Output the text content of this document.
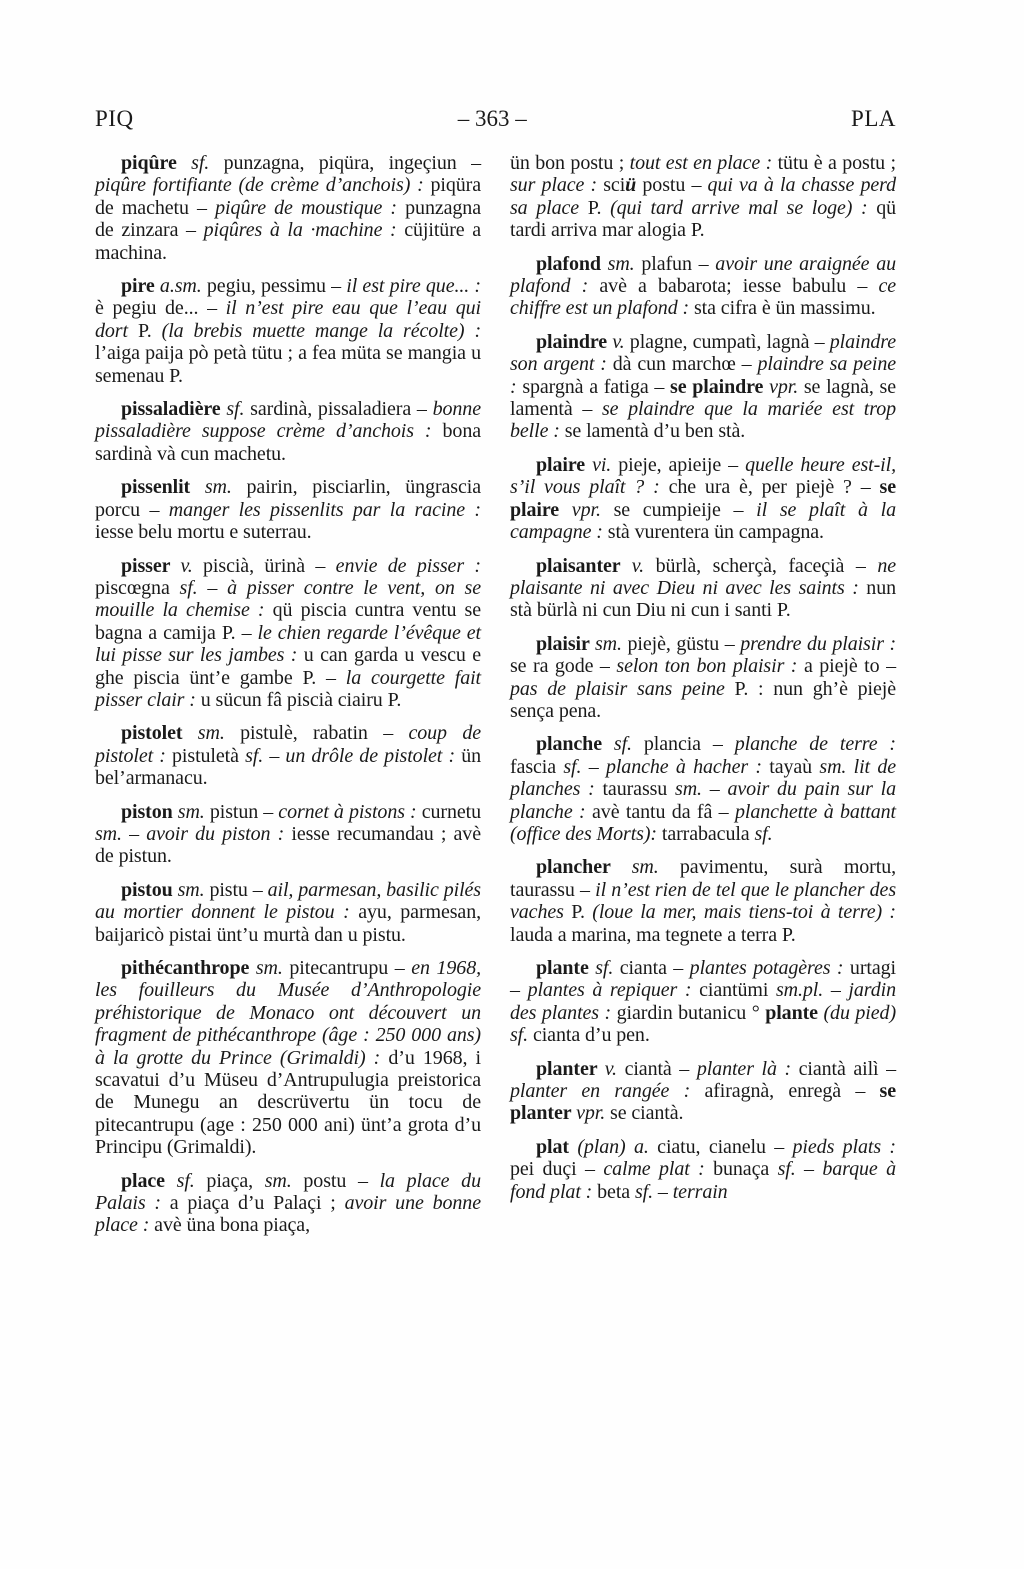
PIQ	– 363 –	PLA

piqûre sf. punzagna, piqüra, ingeçiun – piqûre fortifiante (de crème d’anchois) : piqüra de machetu – piqûre de moustique : punzagna de zinzara – piqûres à la ·machine : cüjitüre a machina.

pire a.sm. pegiu, pessimu – il est pire que... : è pegiu de... – il n’est pire eau que l’eau qui dort P. (la brebis muette mange la récolte) : l’aiga paija pò petà tütu ; a fea müta se mangia u semenau P.

pissaladière sf. sardinà, pissaladiera – bonne pissaladière suppose crème d’anchois : bona sardinà và cun machetu.

pissenlit sm. pairin, pisciarlin, üngrascia porcu – manger les pissenlits par la racine : iesse belu mortu e suterrau.

pisser v. piscià, ürinà – envie de pisser : piscœgna sf. – à pisser contre le vent, on se mouille la chemise : qü piscia cuntra ventu se bagna a camija P. – le chien regarde l’évêque et lui pisse sur les jambes : u can garda u vescu e ghe piscia ünt’e gambe P. – la courgette fait pisser clair : u sücun fâ piscià ciairu P.

pistolet sm. pistulè, rabatin – coup de pistolet : pistuletà sf. – un drôle de pistolet : ün bel’armanacu.

piston sm. pistun – cornet à pistons : curnetu sm. – avoir du piston : iesse recumandau ; avè de pistun.

pistou sm. pistu – ail, parmesan, basilic pilés au mortier donnent le pistou : ayu, parmesan, baijaricò pistai ünt’u murtà dan u pistu.

pithécanthrope sm. pitecantrupu – en 1968, les fouilleurs du Musée d’Anthropologie préhistorique de Monaco ont découvert un fragment de pithécanthrope (âge : 250 000 ans) à la grotte du Prince (Grimaldi) : d’u 1968, i scavatui d’u Müseu d’Antrupulugia preistorica de Munegu an descrüvertu ün tocu de pitecantrupu (age : 250 000 ani) ünt’a grota d’u Principu (Grimaldi).

place sf. piaça, sm. postu – la place du Palais : a piaça d’u Palaçi ; avoir une bonne place : avè üna bona piaça,

ün bon postu ; tout est en place : tütu è a postu ; sur place : sciü postu – qui va à la chasse perd sa place P. (qui tard arrive mal se loge) : qü tardi arriva mar alogia P.

plafond sm. plafun – avoir une araignée au plafond : avè a babarota; iesse babulu – ce chiffre est un plafond : sta cifra è ün massimu.

plaindre v. plagne, cumpatì, lagnà – plaindre son argent : dà cun marchœ – plaindre sa peine : spargnà a fatiga – se plaindre vpr. se lagnà, se lamentà – se plaindre que la mariée est trop belle : se lamentà d’u ben stà.

plaire vi. pieje, apieije – quelle heure est-il, s’il vous plaît ? : che ura è, per piejè ? – se plaire vpr. se cumpieije – il se plaît à la campagne : stà vurentera ün campagna.

plaisanter v. bürlà, scherçà, faceçià – ne plaisante ni avec Dieu ni avec les saints : nun stà bürlà ni cun Diu ni cun i santi P.

plaisir sm. piejè, güstu – prendre du plaisir : se ra gode – selon ton bon plaisir : a piejè to – pas de plaisir sans peine P. : nun gh’è piejè sença pena.

planche sf. plancia – planche de terre : fascia sf. – planche à hacher : tayaù sm. lit de planches : taurassu sm. – avoir du pain sur la planche : avè tantu da fâ – planchette à battant (office des Morts): tarrabacula sf.

plancher sm. pavimentu, surà mortu, taurassu – il n’est rien de tel que le plancher des vaches P. (loue la mer, mais tiens-toi à terre) : lauda a marina, ma tegnete a terra P.

plante sf. cianta – plantes potagères : urtagi – plantes à repiquer : ciantümi sm.pl. – jardin des plantes : giardin butanicu ° plante (du pied) sf. cianta d’u pen.

planter v. ciantà – planter là : ciantà ailì – planter en rangée : afiragnà, enregà – se planter vpr. se ciantà.

plat (plan) a. ciatu, cianelu – pieds plats : pei duçi – calme plat : bunaça sf. – barque à fond plat : beta sf. – terrain
